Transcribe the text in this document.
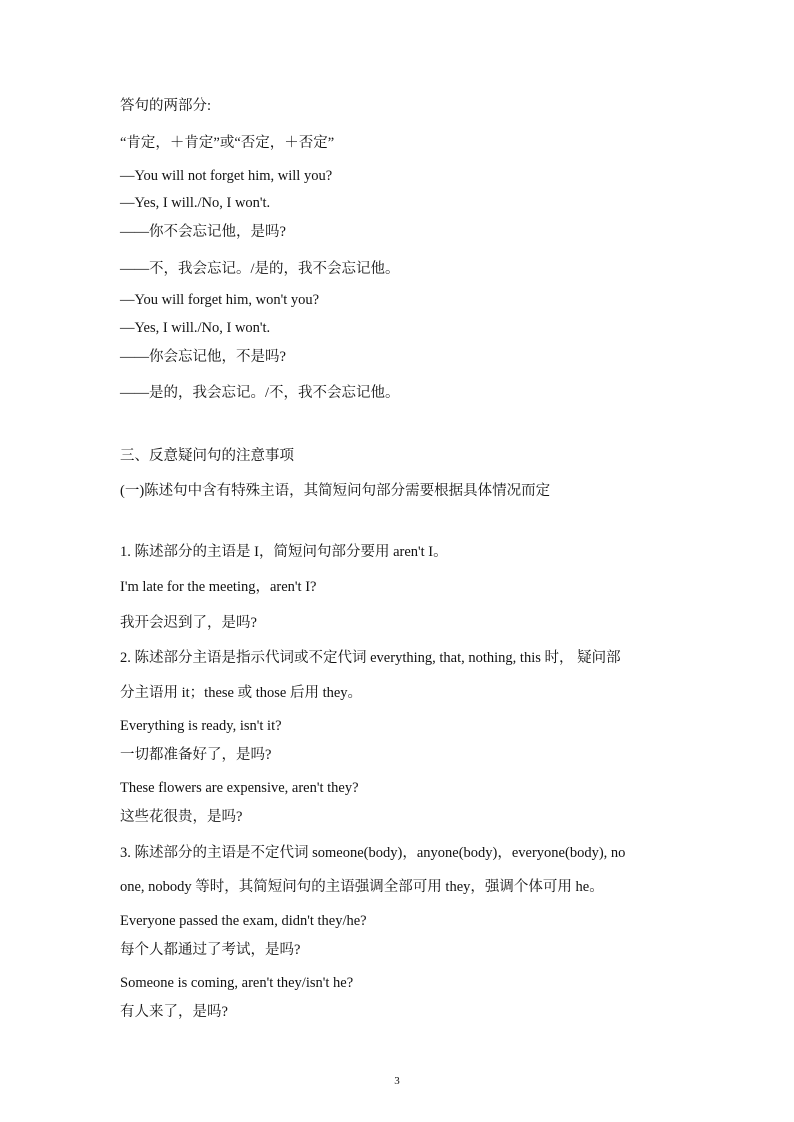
答句的两部分:
“肯定，＋肯定”或“否定，＋否定”
—You will not forget him, will you?
—Yes, I will./No, I won't.
——你不会忘记他，是吗?
——不，我会忘记。/是的，我不会忘记他。
—You will forget him, won't you?
—Yes, I will./No, I won't.
——你会忘记他，不是吗?
——是的，我会忘记。/不，我不会忘记他。
三、反意疑问句的注意事项
(一)陈述句中含有特殊主语，其简短问句部分需要根据具体情况而定
1. 陈述部分的主语是 I，简短问句部分要用 aren't I。
I'm late for the meeting，aren't I?
我开会迟到了，是吗?
2. 陈述部分主语是指示代词或不定代词 everything, that, nothing, this 时， 疑问部
分主语用 it；these 或 those 后用 they。
Everything is ready, isn't it?
一切都准备好了，是吗?
These flowers are expensive, aren't they?
这些花很贵，是吗?
3. 陈述部分的主语是不定代词 someone(body)，anyone(body)，everyone(body), no
one, nobody 等时，其简短问句的主语强调全部可用 they，强调个体可用 he。
Everyone passed the exam, didn't they/he?
每个人都通过了考试，是吗?
Someone is coming, aren't they/isn't he?
有人来了，是吗?
3
